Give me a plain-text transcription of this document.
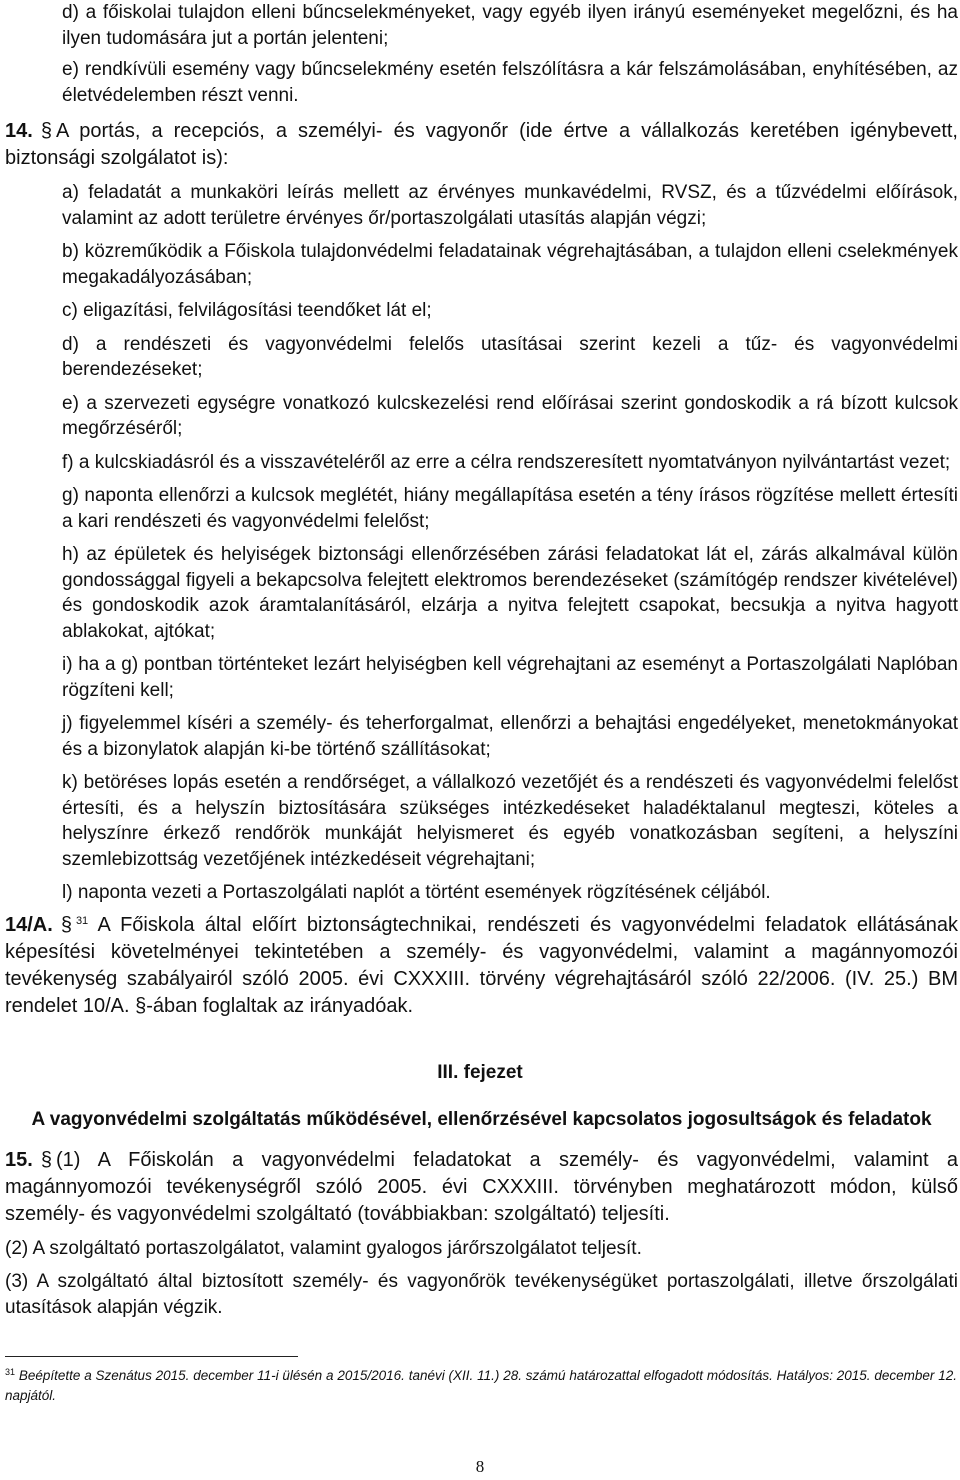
d) a főiskolai tulajdon elleni bűncselekményeket, vagy egyéb ilyen irányú eseményeket megelőzni, és ha ilyen tudomására jut a portán jelenteni;

e) rendkívüli esemény vagy bűncselekmény esetén felszólításra a kár felszámolásában, enyhítésében, az életvédelemben részt venni.

14. § A portás, a recepciós, a személyi- és vagyonőr (ide értve a vállalkozás keretében igénybevett, biztonsági szolgálatot is):

a) feladatát a munkaköri leírás mellett az érvényes munkavédelmi, RVSZ, és a tűzvédelmi előírások, valamint az adott területre érvényes őr/portaszolgálati utasítás alapján végzi;

b) közreműködik a Főiskola tulajdonvédelmi feladatainak végrehajtásában, a tulajdon elleni cselekmények megakadályozásában;

c) eligazítási, felvilágosítási teendőket lát el;

d) a rendészeti és vagyonvédelmi felelős utasításai szerint kezeli a tűz- és vagyonvédelmi berendezéseket;

e) a szervezeti egységre vonatkozó kulcskezelési rend előírásai szerint gondoskodik a rá bízott kulcsok megőrzéséről;

f) a kulcskiadásról és a visszavételéről az erre a célra rendszeresített nyomtatványon nyilvántartást vezet;

g) naponta ellenőrzi a kulcsok meglétét, hiány megállapítása esetén a tény írásos rögzítése mellett értesíti a kari rendészeti és vagyonvédelmi felelőst;

h) az épületek és helyiségek biztonsági ellenőrzésében zárási feladatokat lát el, zárás alkalmával külön gondossággal figyeli a bekapcsolva felejtett elektromos berendezéseket (számítógép rendszer kivételével) és gondoskodik azok áramtalanításáról, elzárja a nyitva felejtett csapokat, becsukja a nyitva hagyott ablakokat, ajtókat;

i) ha a g) pontban történteket lezárt helyiségben kell végrehajtani az eseményt a Portaszolgálati Naplóban rögzíteni kell;

j) figyelemmel kíséri a személy- és teherforgalmat, ellenőrzi a behajtási engedélyeket, menetokmányokat és a bizonylatok alapján ki-be történő szállításokat;

k) betöréses lopás esetén a rendőrséget, a vállalkozó vezetőjét és a rendészeti és vagyonvédelmi felelőst értesíti, és a helyszín biztosítására szükséges intézkedéseket haladéktalanul megteszi, köteles a helyszínre érkező rendőrök munkáját helyismeret és egyéb vonatkozásban segíteni, a helyszíni szemlebizottság vezetőjének intézkedéseit végrehajtani;

l) naponta vezeti a Portaszolgálati naplót a történt események rögzítésének céljából.

14/A. § $^{31}$ A Főiskola által előírt biztonságtechnikai, rendészeti és vagyonvédelmi feladatok ellátásának képesítési követelményei tekintetében a személy- és vagyonvédelmi, valamint a magánnyomozói tevékenység szabályairól szóló 2005. évi CXXXIII. törvény végrehajtásáról szóló 22/2006. (IV. 25.) BM rendelet 10/A. §-ában foglaltak az irányadóak.

III. fejezet
A vagyonvédelmi szolgáltatás működésével, ellenőrzésével kapcsolatos jogosultságok és feladatok

15. § (1) A Főiskolán a vagyonvédelmi feladatokat a személy- és vagyonvédelmi, valamint a magánnyomozói tevékenységről szóló 2005. évi CXXXIII. törvényben meghatározott módon, külső személy- és vagyonvédelmi szolgáltató (továbbiakban: szolgáltató) teljesíti.

(2) A szolgáltató portaszolgálatot, valamint gyalogos járőrszolgálatot teljesít.

(3) A szolgáltató által biztosított személy- és vagyonőrök tevékenységüket portaszolgálati, illetve őrszolgálati utasítások alapján végzik.

$^{31}$ Beépítette a Szenátus 2015. december 11-i ülésén a 2015/2016. tanévi (XII. 11.) 28. számú határozattal elfogadott módosítás. Hatályos: 2015. december 12. napjától.
8
